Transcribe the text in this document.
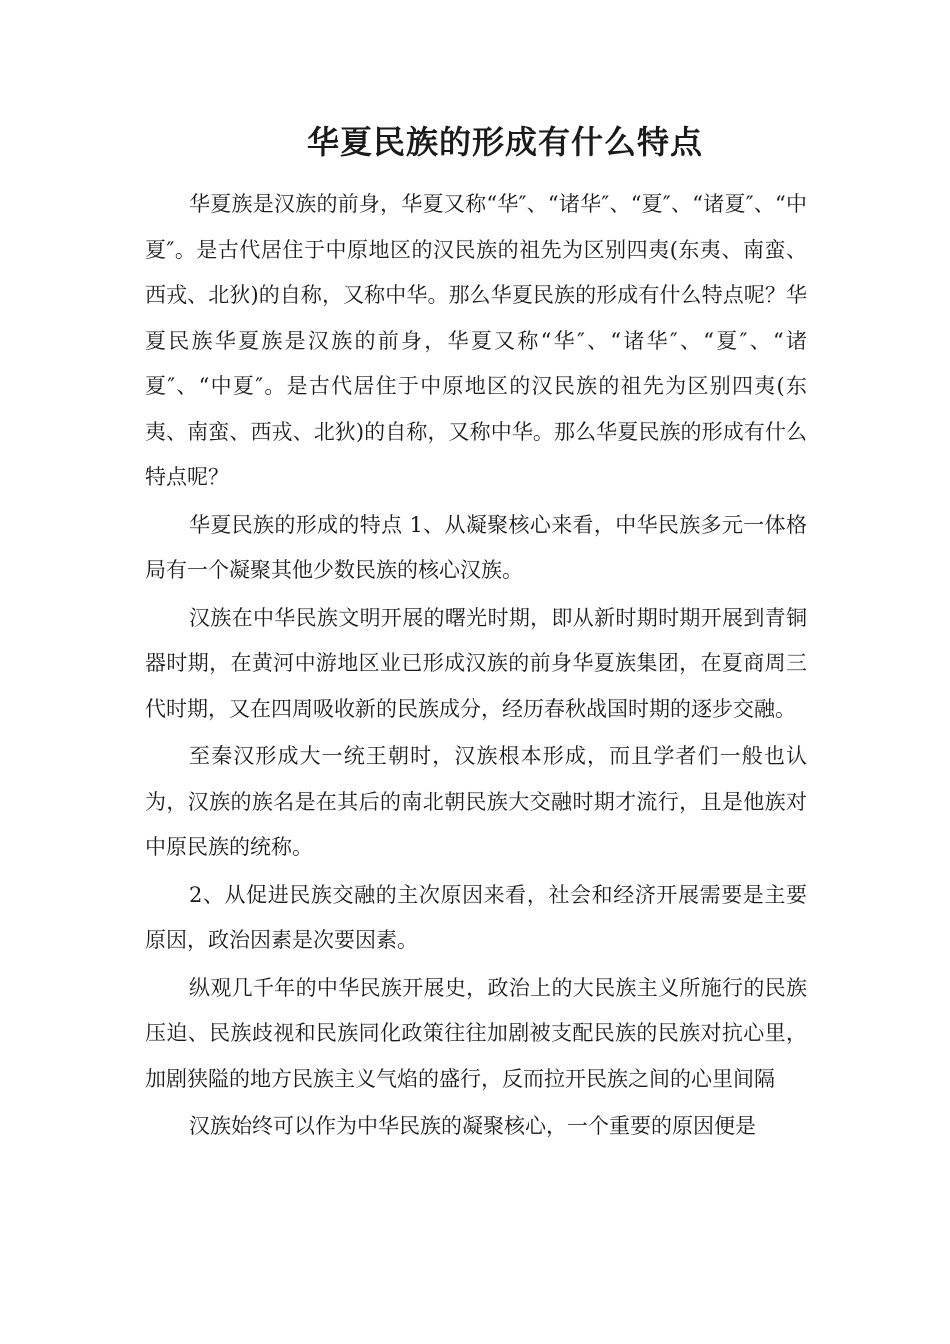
华夏民族的形成有什么特点

华夏族是汉族的前身，华夏又称“华″、“诸华″、“夏″、“诸夏″、“中夏″。是古代居住于中原地区的汉民族的祖先为区别四夷(东夷、南蛮、西戎、北狄)的自称，又称中华。那么华夏民族的形成有什么特点呢？华夏民族华夏族是汉族的前身，华夏又称“华″、“诸华″、“夏″、“诸夏″、“中夏″。是古代居住于中原地区的汉民族的祖先为区别四夷(东夷、南蛮、西戎、北狄)的自称，又称中华。那么华夏民族的形成有什么特点呢？

华夏民族的形成的特点 1、从凝聚核心来看，中华民族多元一体格局有一个凝聚其他少数民族的核心汉族。

汉族在中华民族文明开展的曙光时期，即从新时期时期开展到青铜器时期，在黄河中游地区业已形成汉族的前身华夏族集团，在夏商周三代时期，又在四周吸收新的民族成分，经历春秋战国时期的逐步交融。

至秦汉形成大一统王朝时，汉族根本形成，而且学者们一般也认为，汉族的族名是在其后的南北朝民族大交融时期才流行，且是他族对中原民族的统称。

2、从促进民族交融的主次原因来看，社会和经济开展需要是主要原因，政治因素是次要因素。

纵观几千年的中华民族开展史，政治上的大民族主义所施行的民族压迫、民族歧视和民族同化政策往往加剧被支配民族的民族对抗心里，加剧狭隘的地方民族主义气焰的盛行，反而拉开民族之间的心里间隔

汉族始终可以作为中华民族的凝聚核心，一个重要的原因便是
